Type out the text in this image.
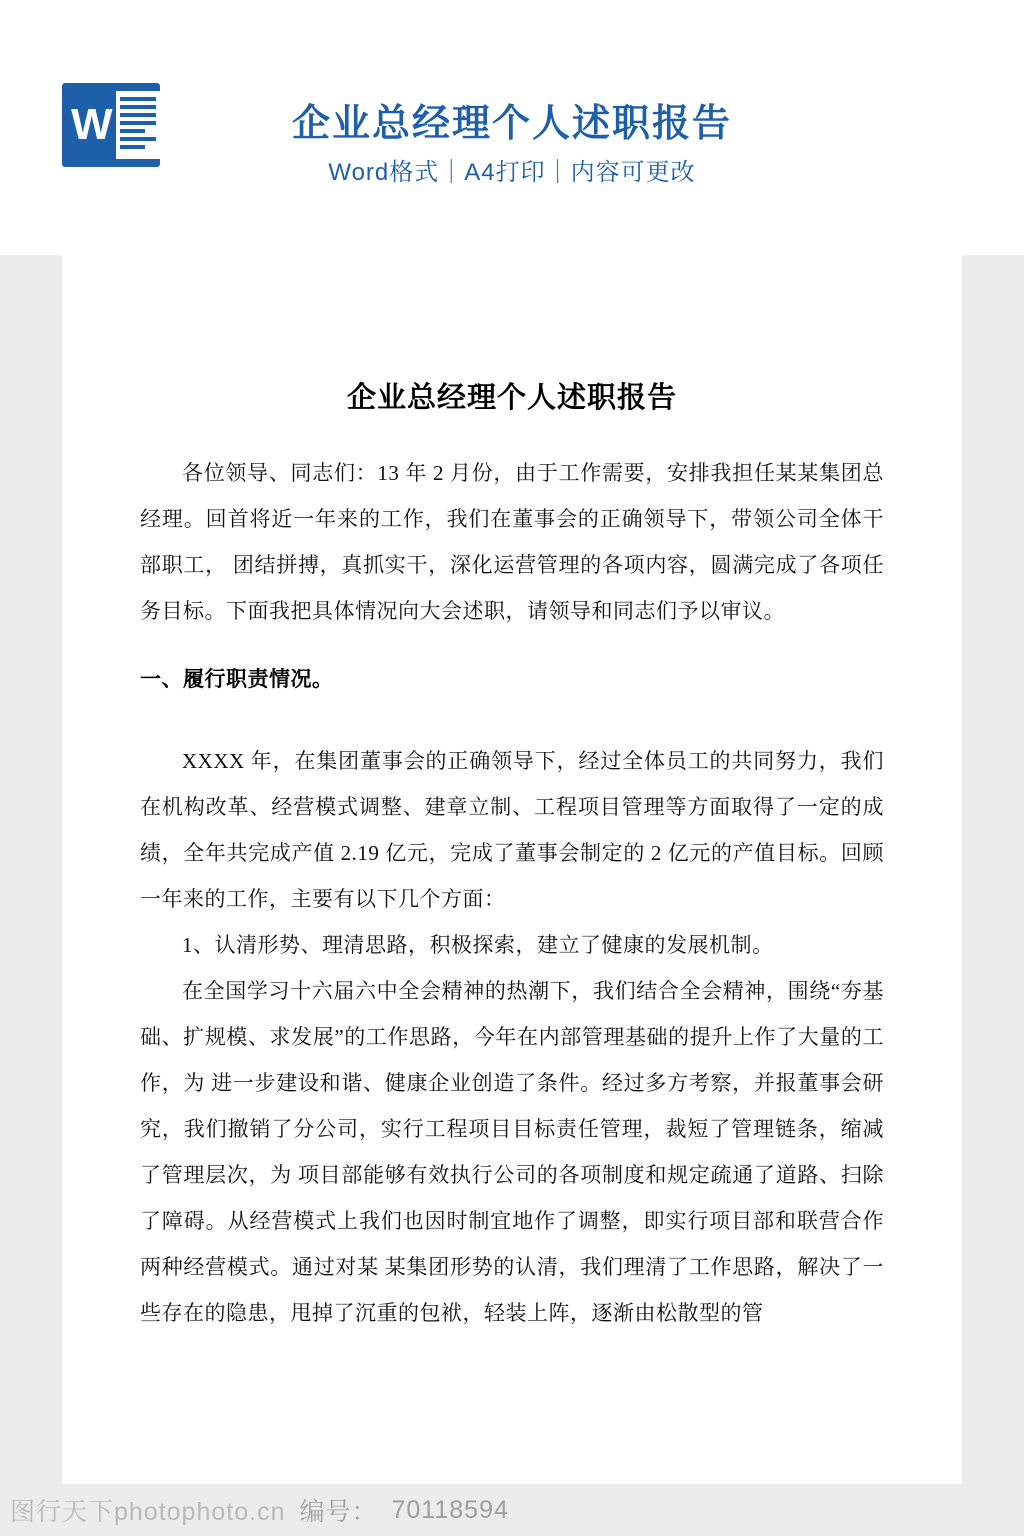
W	企业总经理个人述职报告
Word格式｜A4打印｜内容可更改
企业总经理个人述职报告

各位领导、同志们：13 年 2 月份，由于工作需要，安排我担任某某集团总经理。回首将近一年来的工作，我们在董事会的正确领导下，带领公司全体干部职工， 团结拼搏，真抓实干，深化运营管理的各项内容，圆满完成了各项任务目标。下面我把具体情况向大会述职，请领导和同志们予以审议。

一、履行职责情况。

XXXX 年，在集团董事会的正确领导下，经过全体员工的共同努力，我们在机构改革、经营模式调整、建章立制、工程项目管理等方面取得了一定的成绩，全年共完成产值 2.19 亿元，完成了董事会制定的 2 亿元的产值目标。回顾一年来的工作，主要有以下几个方面：

1、认清形势、理清思路，积极探索，建立了健康的发展机制。

在全国学习十六届六中全会精神的热潮下，我们结合全会精神，围绕“夯基础、扩规模、求发展”的工作思路，今年在内部管理基础的提升上作了大量的工作，为 进一步建设和谐、健康企业创造了条件。经过多方考察，并报董事会研究，我们撤销了分公司，实行工程项目目标责任管理，裁短了管理链条，缩减了管理层次，为 项目部能够有效执行公司的各项制度和规定疏通了道路、扫除了障碍。从经营模式上我们也因时制宜地作了调整，即实行项目部和联营合作两种经营模式。通过对某 某集团形势的认清，我们理清了工作思路，解决了一些存在的隐患，甩掉了沉重的包袱，轻装上阵，逐渐由松散型的管

图行天下photophoto.cn 编号： 70118594
